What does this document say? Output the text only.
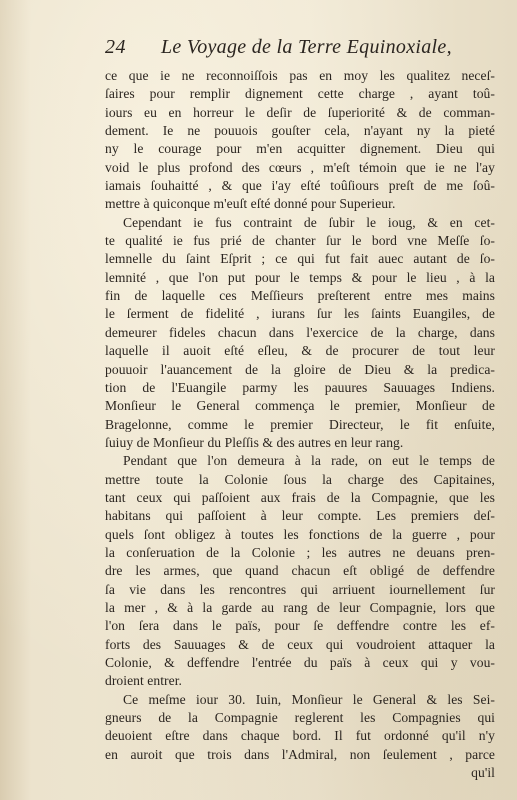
24 Le Voyage de la Terre Equinoxiale,
ce que ie ne reconnoiſſois pas en moy les qualitez neceſ-
ſaires pour remplir dignement cette charge , ayant toû-
iours eu en horreur le deſir de ſuperiorité & de comman-
dement. Ie ne pouuois gouſter cela, n'ayant ny la pieté
ny le courage pour m'en acquitter dignement. Dieu qui
void le plus profond des cœurs , m'eſt témoin que ie ne l'ay
iamais ſouhaitté , & que i'ay eſté toûſiours preſt de me ſoû-
mettre à quiconque m'euſt eſté donné pour Superieur.
Cependant ie fus contraint de ſubir le ioug, & en cet-
te qualité ie fus prié de chanter ſur le bord vne Meſſe ſo-
lemnelle du ſaint Eſprit ; ce qui fut fait auec autant de ſo-
lemnité , que l'on put pour le temps & pour le lieu , à la
fin de laquelle ces Meſſieurs preſterent entre mes mains
le ſerment de fidelité , iurans ſur les ſaints Euangiles, de
demeurer fideles chacun dans l'exercice de la charge, dans
laquelle il auoit eſté eſleu, & de procurer de tout leur
pouuoir l'auancement de la gloire de Dieu & la predica-
tion de l'Euangile parmy les pauures Sauuages Indiens.
Monſieur le General commença le premier, Monſieur de
Bragelonne, comme le premier Directeur, le fit enſuite,
ſuiuy de Monſieur du Pleſſis & des autres en leur rang.
Pendant que l'on demeura à la rade, on eut le temps de
mettre toute la Colonie ſous la charge des Capitaines,
tant ceux qui paſſoient aux frais de la Compagnie, que les
habitans qui paſſoient à leur compte. Les premiers deſ-
quels ſont obligez à toutes les fonctions de la guerre , pour
la conſeruation de la Colonie ; les autres ne deuans pren-
dre les armes, que quand chacun eſt obligé de deffendre
ſa vie dans les rencontres qui arriuent iournellement ſur
la mer , & à la garde au rang de leur Compagnie, lors que
l'on ſera dans le païs, pour ſe deffendre contre les ef-
forts des Sauuages & de ceux qui voudroient attaquer la
Colonie, & deffendre l'entrée du païs à ceux qui y vou-
droient entrer.
Ce meſme iour 30. Iuin, Monſieur le General & les Sei-
gneurs de la Compagnie reglerent les Compagnies qui
deuoient eſtre dans chaque bord. Il fut ordonné qu'il n'y
en auroit que trois dans l'Admiral, non ſeulement , parce
qu'il
